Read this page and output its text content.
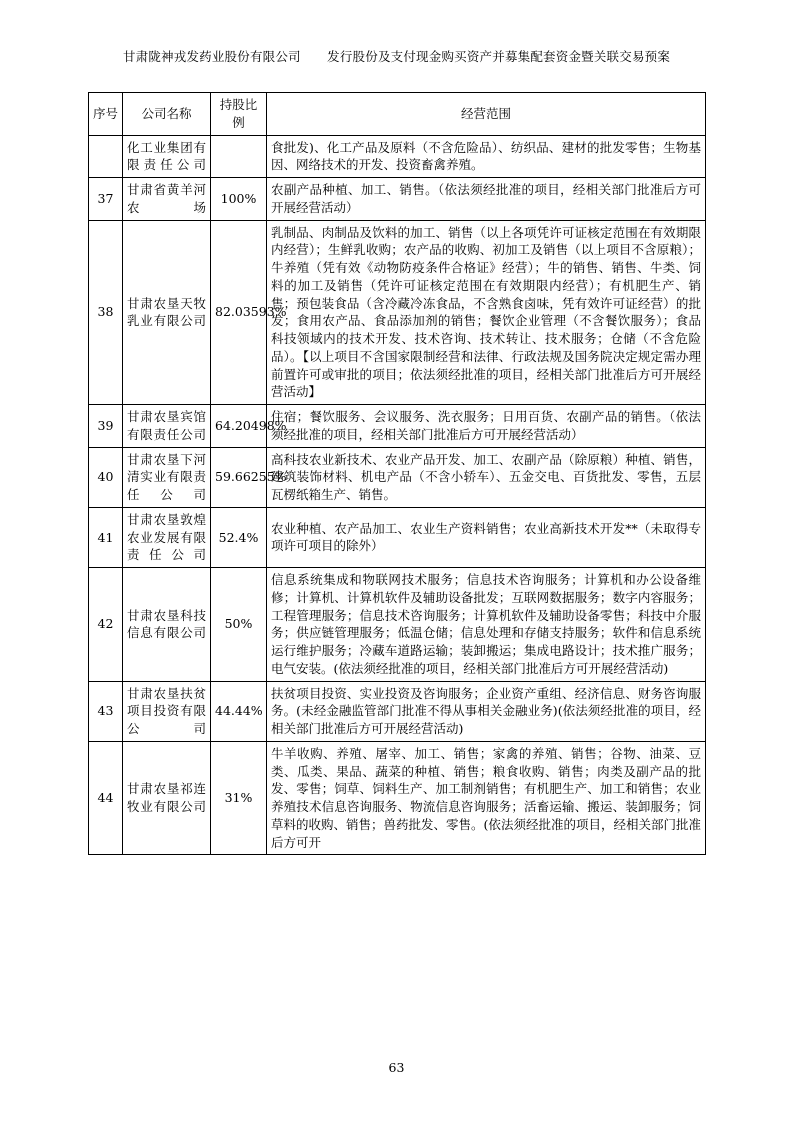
甘肃陇神戎发药业股份有限公司 发行股份及支付现金购买资产并募集配套资金暨关联交易预案
序号	公司名称	持股比例	经营范围
	化工业集团有限责任公司		食批发)、化工产品及原料（不含危险品）、纺织品、建材的批发零售；生物基因、网络技术的开发、投资畜禽养殖。
37	甘肃省黄羊河农场	100%	农副产品种植、加工、销售。（依法须经批准的项目，经相关部门批准后方可开展经营活动）
38	甘肃农垦天牧乳业有限公司	82.03593%	乳制品、肉制品及饮料的加工、销售（以上各项凭许可证核定范围在有效期限内经营）；生鲜乳收购；农产品的收购、初加工及销售（以上项目不含原粮）；牛养殖（凭有效《动物防疫条件合格证》经营）；牛的销售、销售、牛类、饲料的加工及销售（凭许可证核定范围在有效期限内经营）；有机肥生产、销售；预包装食品（含冷藏冷冻食品，不含熟食卤味，凭有效许可证经营）的批发；食用农产品、食品添加剂的销售；餐饮企业管理（不含餐饮服务）；食品科技领域内的技术开发、技术咨询、技术转让、技术服务；仓储（不含危险品）。【以上项目不含国家限制经营和法律、行政法规及国务院决定规定需办理前置许可或审批的项目；依法须经批准的项目，经相关部门批准后方可开展经营活动】
39	甘肃农垦宾馆有限责任公司	64.20498%	住宿；餐饮服务、会议服务、洗衣服务；日用百货、农副产品的销售。（依法须经批准的项目，经相关部门批准后方可开展经营活动）
40	甘肃农垦下河清实业有限责任公司	59.66255%	高科技农业新技术、农业产品开发、加工、农副产品（除原粮）种植、销售，建筑装饰材料、机电产品（不含小轿车）、五金交电、百货批发、零售，五层瓦楞纸箱生产、销售。
41	甘肃农垦敦煌农业发展有限责任公司	52.4%	农业种植、农产品加工、农业生产资料销售；农业高新技术开发**（未取得专项许可项目的除外）
42	甘肃农垦科技信息有限公司	50%	信息系统集成和物联网技术服务；信息技术咨询服务；计算机和办公设备维修；计算机、计算机软件及辅助设备批发；互联网数据服务；数字内容服务；工程管理服务；信息技术咨询服务；计算机软件及辅助设备零售；科技中介服务；供应链管理服务；低温仓储；信息处理和存储支持服务；软件和信息系统运行维护服务；冷藏车道路运输；装卸搬运；集成电路设计；技术推广服务；电气安装。(依法须经批准的项目，经相关部门批准后方可开展经营活动)
43	甘肃农垦扶贫项目投资有限公司	44.44%	扶贫项目投资、实业投资及咨询服务；企业资产重组、经济信息、财务咨询服务。(未经金融监管部门批准不得从事相关金融业务)(依法须经批准的项目，经相关部门批准后方可开展经营活动)
44	甘肃农垦祁连牧业有限公司	31%	牛羊收购、养殖、屠宰、加工、销售；家禽的养殖、销售；谷物、油菜、豆类、瓜类、果品、蔬菜的种植、销售；粮食收购、销售；肉类及副产品的批发、零售；饲草、饲料生产、加工制剂销售；有机肥生产、加工和销售；农业养殖技术信息咨询服务、物流信息咨询服务；活畜运输、搬运、装卸服务；饲草料的收购、销售；兽药批发、零售。(依法须经批准的项目，经相关部门批准后方可开
63
